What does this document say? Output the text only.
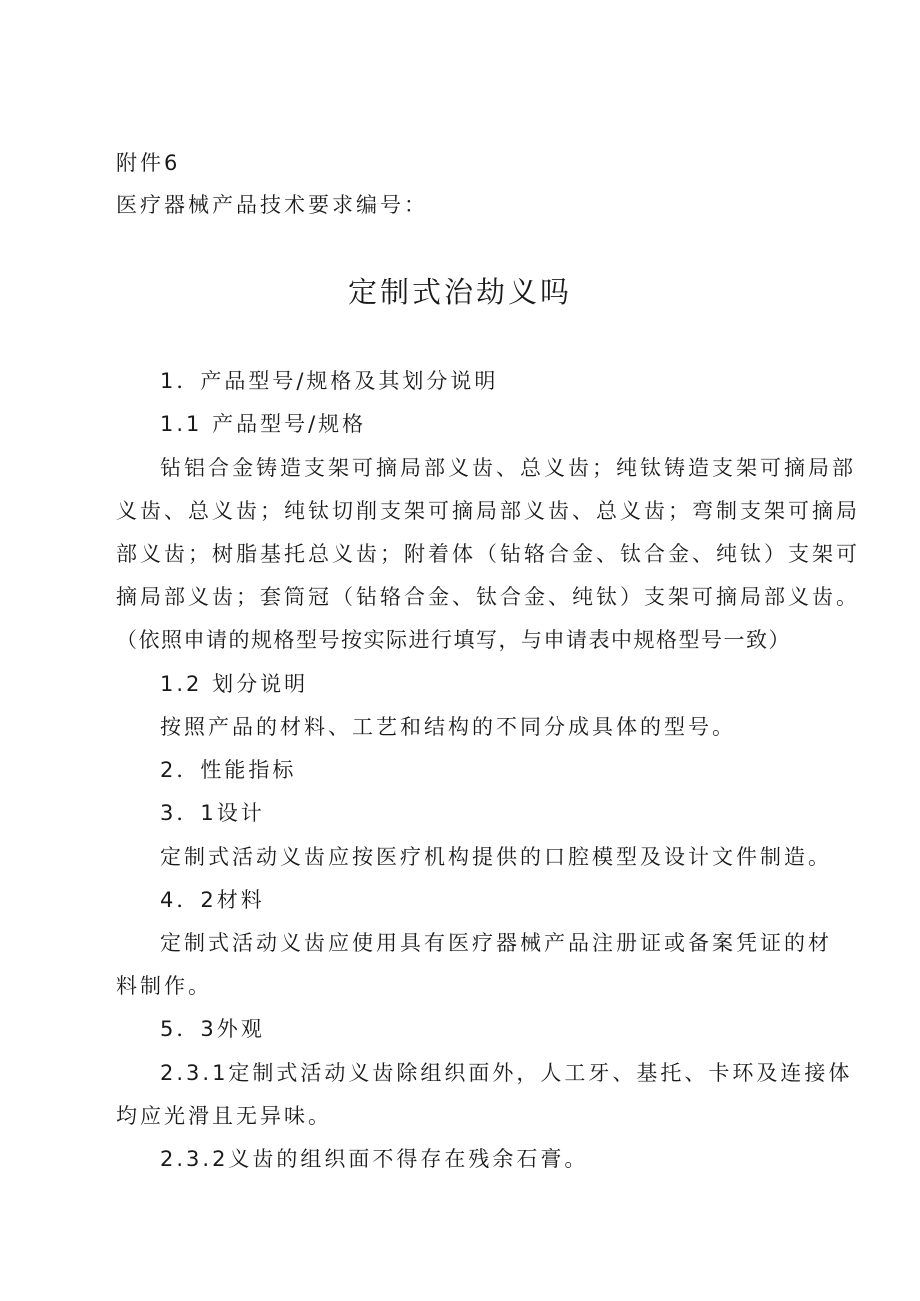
附件6
医疗器械产品技术要求编号：
定制式治劫义吗
1．产品型号/规格及其划分说明
1.1 产品型号/规格
钻铝合金铸造支架可摘局部义齿、总义齿；纯钛铸造支架可摘局部
义齿、总义齿；纯钛切削支架可摘局部义齿、总义齿；弯制支架可摘局
部义齿；树脂基托总义齿；附着体（钻辂合金、钛合金、纯钛）支架可
摘局部义齿；套筒冠（钻辂合金、钛合金、纯钛）支架可摘局部义齿。
（依照申请的规格型号按实际进行填写，与申请表中规格型号一致）
1.2 划分说明
按照产品的材料、工艺和结构的不同分成具体的型号。
2．性能指标
3．1设计
定制式活动义齿应按医疗机构提供的口腔模型及设计文件制造。
4．2材料
定制式活动义齿应使用具有医疗器械产品注册证或备案凭证的材
料制作。
5．3外观
2.3.1定制式活动义齿除组织面外，人工牙、基托、卡环及连接体
均应光滑且无异味。
2.3.2义齿的组织面不得存在残余石膏。
